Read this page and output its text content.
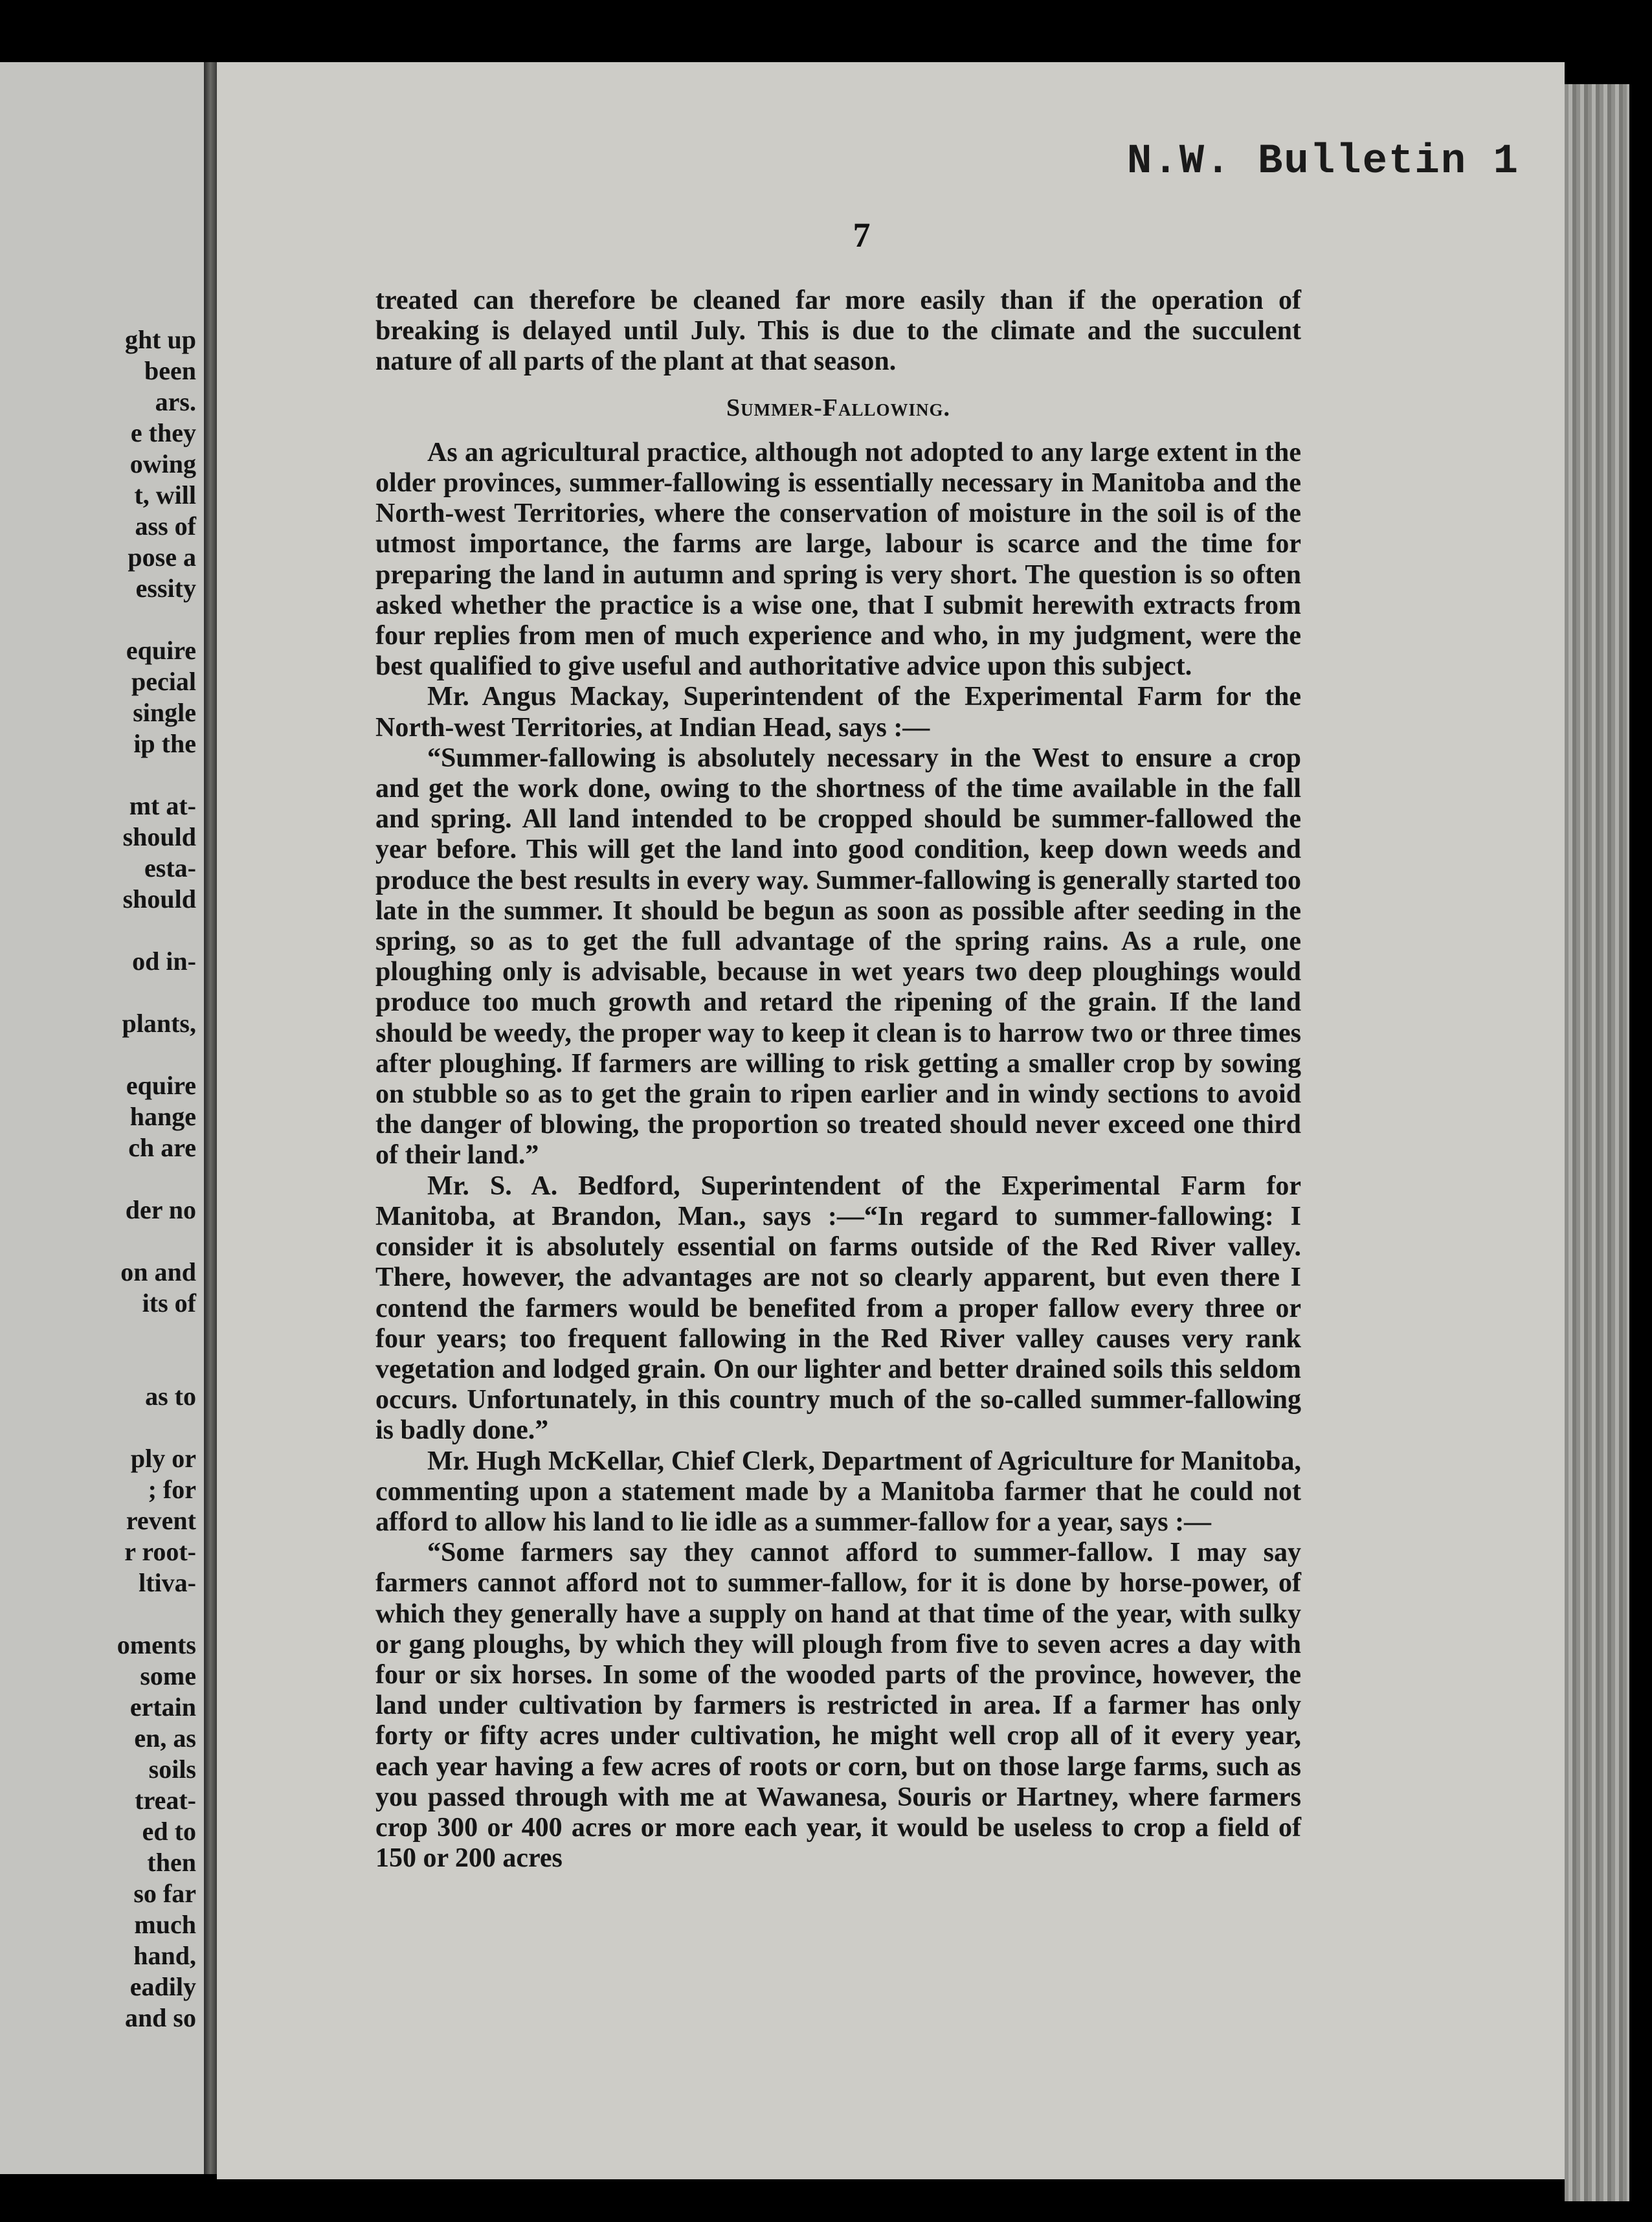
ght up
been
ars.
e they
owing
t, will
ass of
pose a
essity
equire
pecial
single
ip the
mt at-
should
esta-
should
od in-
plants,
equire
hange
ch are
der no
on and
its of
as to
ply or
; for
revent
r root-
ltiva-
oments
some
ertain
en, as
soils
treat-
ed to
then
so far
much
hand,
eadily
and so
N.W. Bulletin 1
7

treated can therefore be cleaned far more easily than if the operation of breaking is delayed until July. This is due to the climate and the succulent nature of all parts of the plant at that season.

Summer-Fallowing.

As an agricultural practice, although not adopted to any large extent in the older provinces, summer-fallowing is essentially necessary in Manitoba and the North-west Territories, where the conservation of moisture in the soil is of the utmost importance, the farms are large, labour is scarce and the time for preparing the land in autumn and spring is very short. The question is so often asked whether the practice is a wise one, that I submit herewith extracts from four replies from men of much experience and who, in my judgment, were the best qualified to give useful and authoritative advice upon this subject.

Mr. Angus Mackay, Superintendent of the Experimental Farm for the North-west Territories, at Indian Head, says :—

“Summer-fallowing is absolutely necessary in the West to ensure a crop and get the work done, owing to the shortness of the time available in the fall and spring. All land intended to be cropped should be summer-fallowed the year before. This will get the land into good condition, keep down weeds and produce the best results in every way. Summer-fallowing is generally started too late in the summer. It should be begun as soon as possible after seeding in the spring, so as to get the full advantage of the spring rains. As a rule, one ploughing only is advisable, because in wet years two deep ploughings would produce too much growth and retard the ripening of the grain. If the land should be weedy, the proper way to keep it clean is to harrow two or three times after ploughing. If farmers are willing to risk getting a smaller crop by sowing on stubble so as to get the grain to ripen earlier and in windy sections to avoid the danger of blowing, the proportion so treated should never exceed one third of their land.”

Mr. S. A. Bedford, Superintendent of the Experimental Farm for Manitoba, at Brandon, Man., says :—“In regard to summer-fallowing: I consider it is absolutely essential on farms outside of the Red River valley. There, however, the advantages are not so clearly apparent, but even there I contend the farmers would be benefited from a proper fallow every three or four years; too frequent fallowing in the Red River valley causes very rank vegetation and lodged grain. On our lighter and better drained soils this seldom occurs. Unfortunately, in this country much of the so-called summer-fallowing is badly done.”

Mr. Hugh McKellar, Chief Clerk, Department of Agriculture for Manitoba, commenting upon a statement made by a Manitoba farmer that he could not afford to allow his land to lie idle as a summer-fallow for a year, says :—

“Some farmers say they cannot afford to summer-fallow. I may say farmers cannot afford not to summer-fallow, for it is done by horse-power, of which they generally have a supply on hand at that time of the year, with sulky or gang ploughs, by which they will plough from five to seven acres a day with four or six horses. In some of the wooded parts of the province, however, the land under cultivation by farmers is restricted in area. If a farmer has only forty or fifty acres under cultivation, he might well crop all of it every year, each year having a few acres of roots or corn, but on those large farms, such as you passed through with me at Wawanesa, Souris or Hartney, where farmers crop 300 or 400 acres or more each year, it would be useless to crop a field of 150 or 200 acres
